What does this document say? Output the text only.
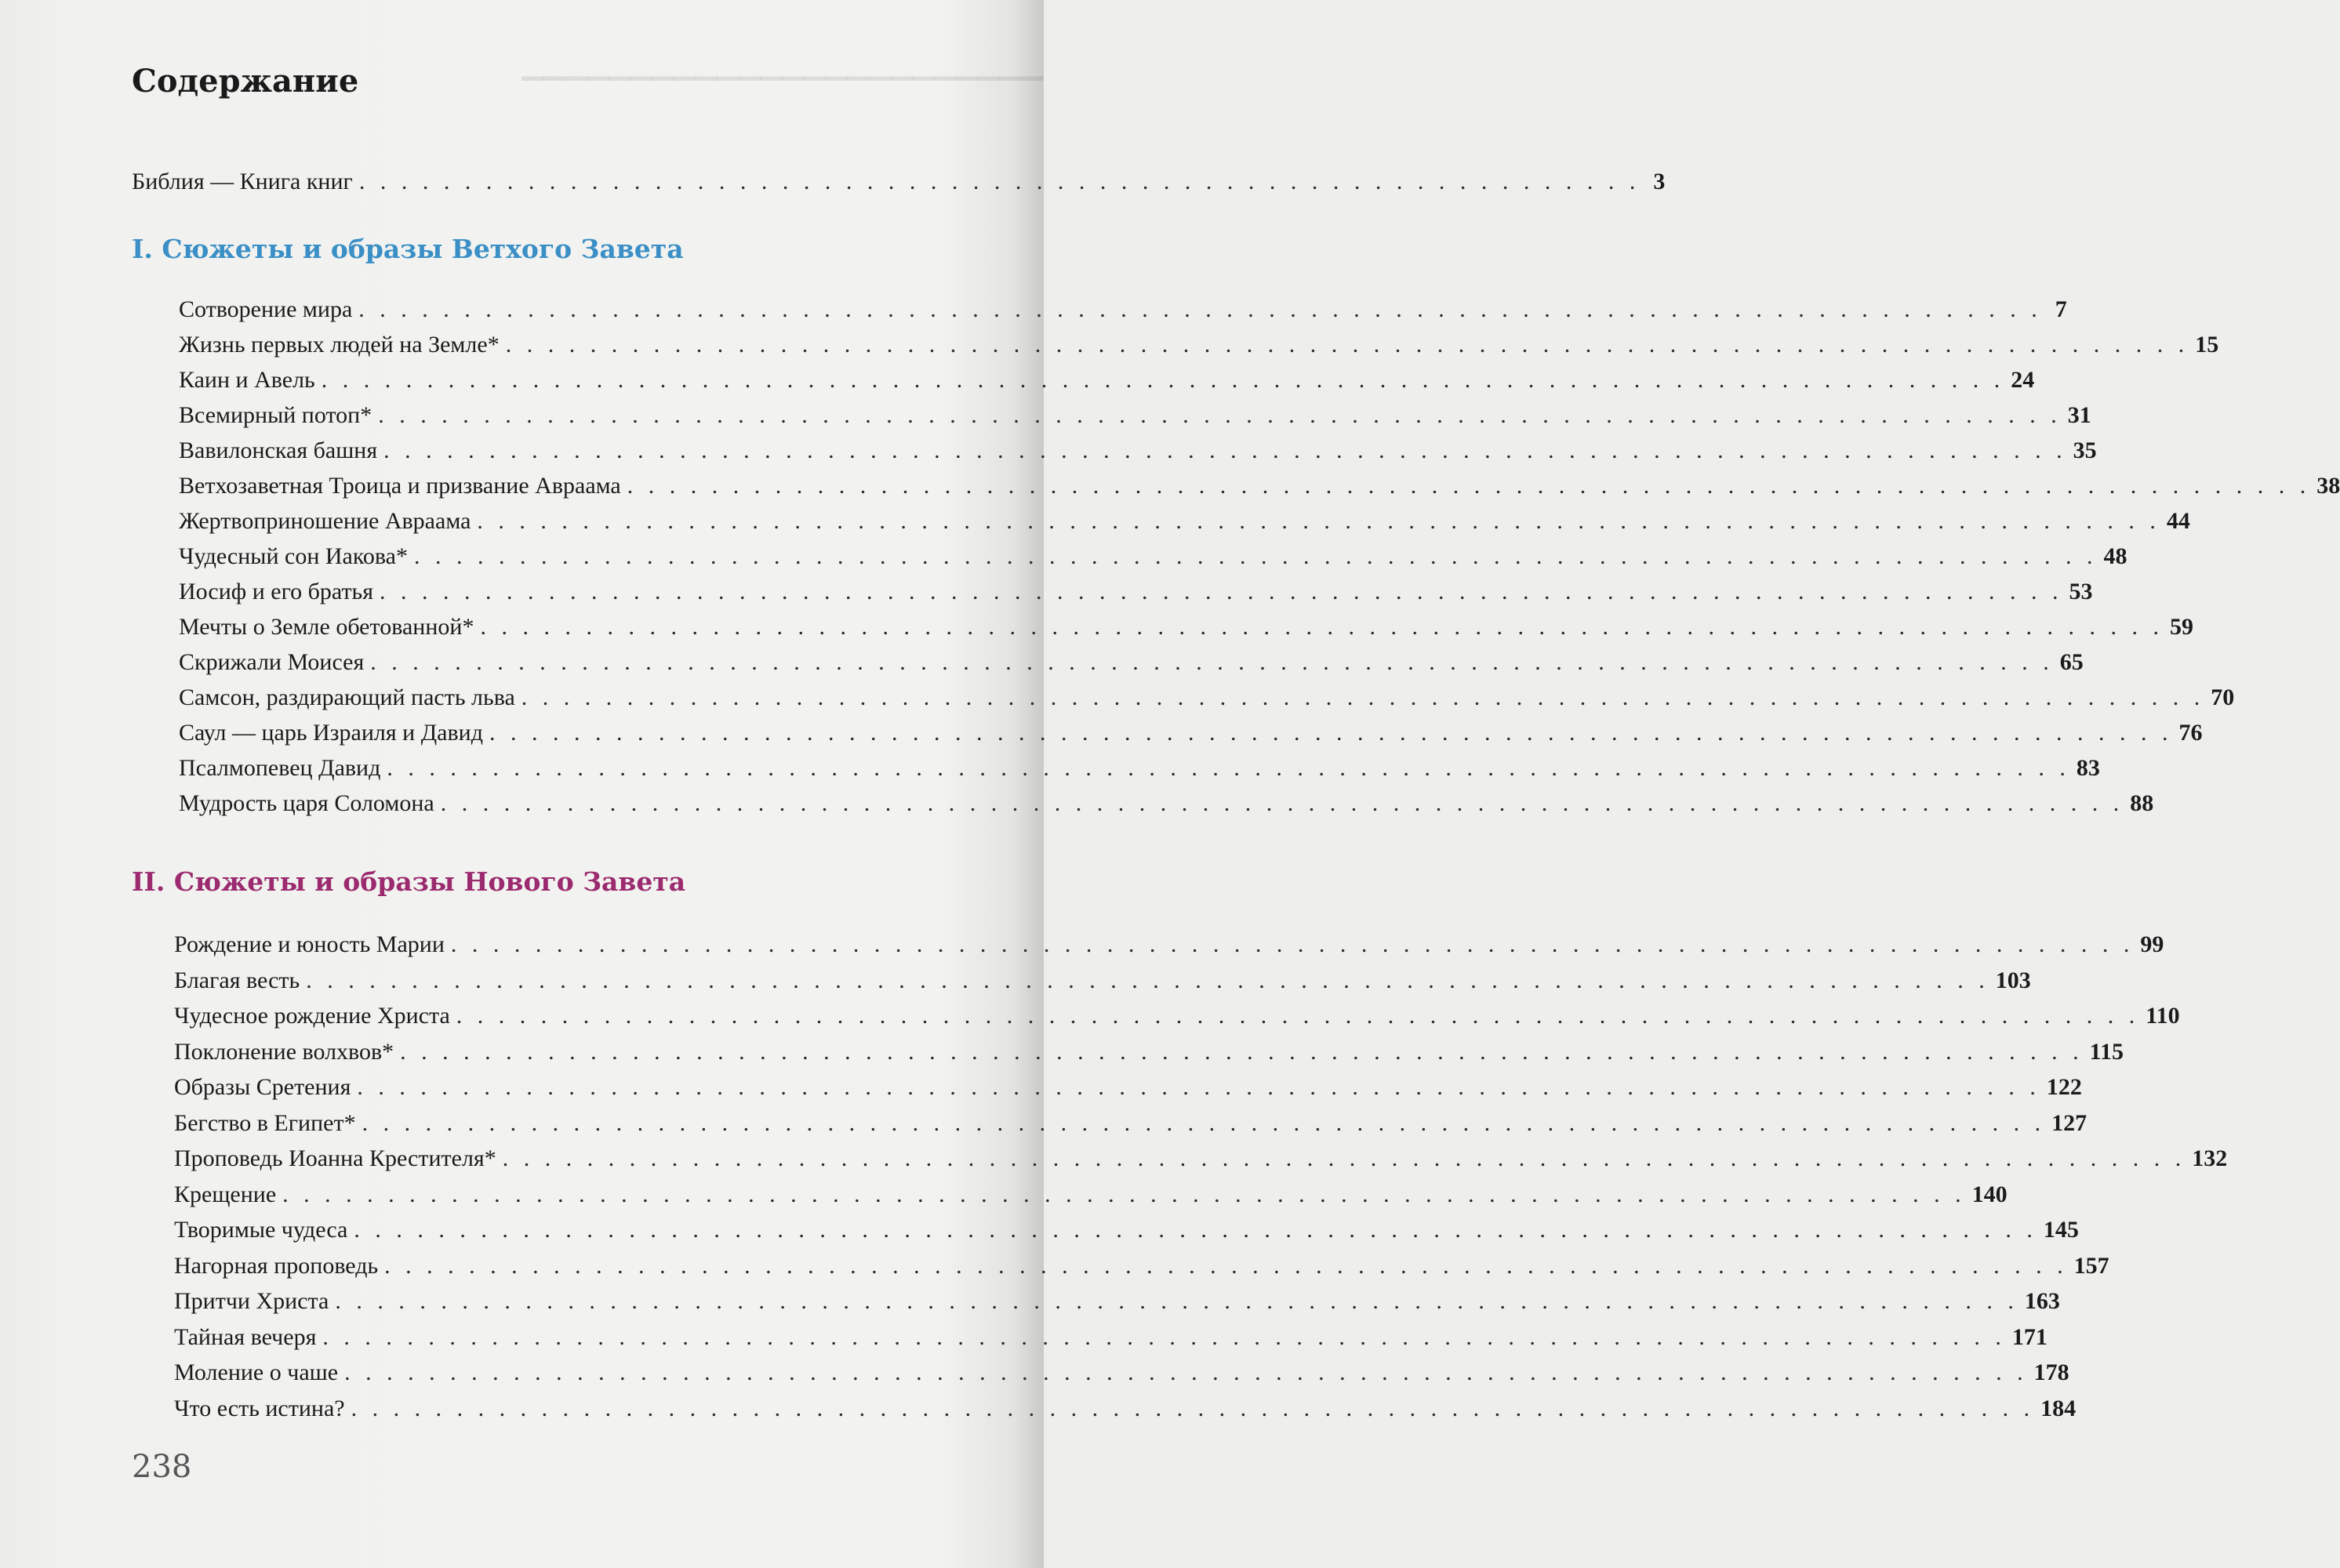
▁▁▁▁▁▁▁▁▁▁▁▁▁▁▁▁▁▁▁▁▁▁▁▁
Содержание
Библия — Книга книг . . . . . . . . . . . . . . . . . . . . . . . . . . . . . . . . . . . . . . . . . . . . . . . . . . . . . . . . . . . . . 3
I. Сюжеты и образы Ветхого Завета
Сотворение мира . . . . . . . . . . . . . . . . . . . . . . . . . . . . . . . . . . . . . . . . . . . . . . . . . . . . . . . . . . . . . . . . . . . . . . . . . . . . . . . . 7
Жизнь первых людей на Земле* . . . . . . . . . . . . . . . . . . . . . . . . . . . . . . . . . . . . . . . . . . . . . . . . . . . . . . . . . . . . . . . . . . . . . . . . . . . . . . . . 15
Каин и Авель . . . . . . . . . . . . . . . . . . . . . . . . . . . . . . . . . . . . . . . . . . . . . . . . . . . . . . . . . . . . . . . . . . . . . . . . . . . . . . . . 24
Всемирный потоп* . . . . . . . . . . . . . . . . . . . . . . . . . . . . . . . . . . . . . . . . . . . . . . . . . . . . . . . . . . . . . . . . . . . . . . . . . . . . . . . . 31
Вавилонская башня . . . . . . . . . . . . . . . . . . . . . . . . . . . . . . . . . . . . . . . . . . . . . . . . . . . . . . . . . . . . . . . . . . . . . . . . . . . . . . . . 35
Ветхозаветная Троица и призвание Авраама . . . . . . . . . . . . . . . . . . . . . . . . . . . . . . . . . . . . . . . . . . . . . . . . . . . . . . . . . . . . . . . . . . . . . . . . . . . . . . . . 38
Жертвоприношение Авраама . . . . . . . . . . . . . . . . . . . . . . . . . . . . . . . . . . . . . . . . . . . . . . . . . . . . . . . . . . . . . . . . . . . . . . . . . . . . . . . . 44
Чудесный сон Иакова* . . . . . . . . . . . . . . . . . . . . . . . . . . . . . . . . . . . . . . . . . . . . . . . . . . . . . . . . . . . . . . . . . . . . . . . . . . . . . . . . 48
Иосиф и его братья . . . . . . . . . . . . . . . . . . . . . . . . . . . . . . . . . . . . . . . . . . . . . . . . . . . . . . . . . . . . . . . . . . . . . . . . . . . . . . . . 53
Мечты о Земле обетованной* . . . . . . . . . . . . . . . . . . . . . . . . . . . . . . . . . . . . . . . . . . . . . . . . . . . . . . . . . . . . . . . . . . . . . . . . . . . . . . . . 59
Скрижали Моисея . . . . . . . . . . . . . . . . . . . . . . . . . . . . . . . . . . . . . . . . . . . . . . . . . . . . . . . . . . . . . . . . . . . . . . . . . . . . . . . . 65
Самсон, раздирающий пасть льва . . . . . . . . . . . . . . . . . . . . . . . . . . . . . . . . . . . . . . . . . . . . . . . . . . . . . . . . . . . . . . . . . . . . . . . . . . . . . . . . 70
Саул — царь Израиля и Давид . . . . . . . . . . . . . . . . . . . . . . . . . . . . . . . . . . . . . . . . . . . . . . . . . . . . . . . . . . . . . . . . . . . . . . . . . . . . . . . . 76
Псалмопевец Давид . . . . . . . . . . . . . . . . . . . . . . . . . . . . . . . . . . . . . . . . . . . . . . . . . . . . . . . . . . . . . . . . . . . . . . . . . . . . . . . . 83
Мудрость царя Соломона . . . . . . . . . . . . . . . . . . . . . . . . . . . . . . . . . . . . . . . . . . . . . . . . . . . . . . . . . . . . . . . . . . . . . . . . . . . . . . . . 88
II. Сюжеты и образы Нового Завета
Рождение и юность Марии . . . . . . . . . . . . . . . . . . . . . . . . . . . . . . . . . . . . . . . . . . . . . . . . . . . . . . . . . . . . . . . . . . . . . . . . . . . . . . . . 99
Благая весть . . . . . . . . . . . . . . . . . . . . . . . . . . . . . . . . . . . . . . . . . . . . . . . . . . . . . . . . . . . . . . . . . . . . . . . . . . . . . . . . 103
Чудесное рождение Христа . . . . . . . . . . . . . . . . . . . . . . . . . . . . . . . . . . . . . . . . . . . . . . . . . . . . . . . . . . . . . . . . . . . . . . . . . . . . . . . . 110
Поклонение волхвов* . . . . . . . . . . . . . . . . . . . . . . . . . . . . . . . . . . . . . . . . . . . . . . . . . . . . . . . . . . . . . . . . . . . . . . . . . . . . . . . . 115
Образы Сретения . . . . . . . . . . . . . . . . . . . . . . . . . . . . . . . . . . . . . . . . . . . . . . . . . . . . . . . . . . . . . . . . . . . . . . . . . . . . . . . . 122
Бегство в Египет* . . . . . . . . . . . . . . . . . . . . . . . . . . . . . . . . . . . . . . . . . . . . . . . . . . . . . . . . . . . . . . . . . . . . . . . . . . . . . . . . 127
Проповедь Иоанна Крестителя* . . . . . . . . . . . . . . . . . . . . . . . . . . . . . . . . . . . . . . . . . . . . . . . . . . . . . . . . . . . . . . . . . . . . . . . . . . . . . . . . 132
Крещение . . . . . . . . . . . . . . . . . . . . . . . . . . . . . . . . . . . . . . . . . . . . . . . . . . . . . . . . . . . . . . . . . . . . . . . . . . . . . . . . 140
Творимые чудеса . . . . . . . . . . . . . . . . . . . . . . . . . . . . . . . . . . . . . . . . . . . . . . . . . . . . . . . . . . . . . . . . . . . . . . . . . . . . . . . . 145
Нагорная проповедь . . . . . . . . . . . . . . . . . . . . . . . . . . . . . . . . . . . . . . . . . . . . . . . . . . . . . . . . . . . . . . . . . . . . . . . . . . . . . . . . 157
Притчи Христа . . . . . . . . . . . . . . . . . . . . . . . . . . . . . . . . . . . . . . . . . . . . . . . . . . . . . . . . . . . . . . . . . . . . . . . . . . . . . . . . 163
Тайная вечеря . . . . . . . . . . . . . . . . . . . . . . . . . . . . . . . . . . . . . . . . . . . . . . . . . . . . . . . . . . . . . . . . . . . . . . . . . . . . . . . . 171
Моление о чаше . . . . . . . . . . . . . . . . . . . . . . . . . . . . . . . . . . . . . . . . . . . . . . . . . . . . . . . . . . . . . . . . . . . . . . . . . . . . . . . . 178
Что есть истина? . . . . . . . . . . . . . . . . . . . . . . . . . . . . . . . . . . . . . . . . . . . . . . . . . . . . . . . . . . . . . . . . . . . . . . . . . . . . . . . . 184
238
